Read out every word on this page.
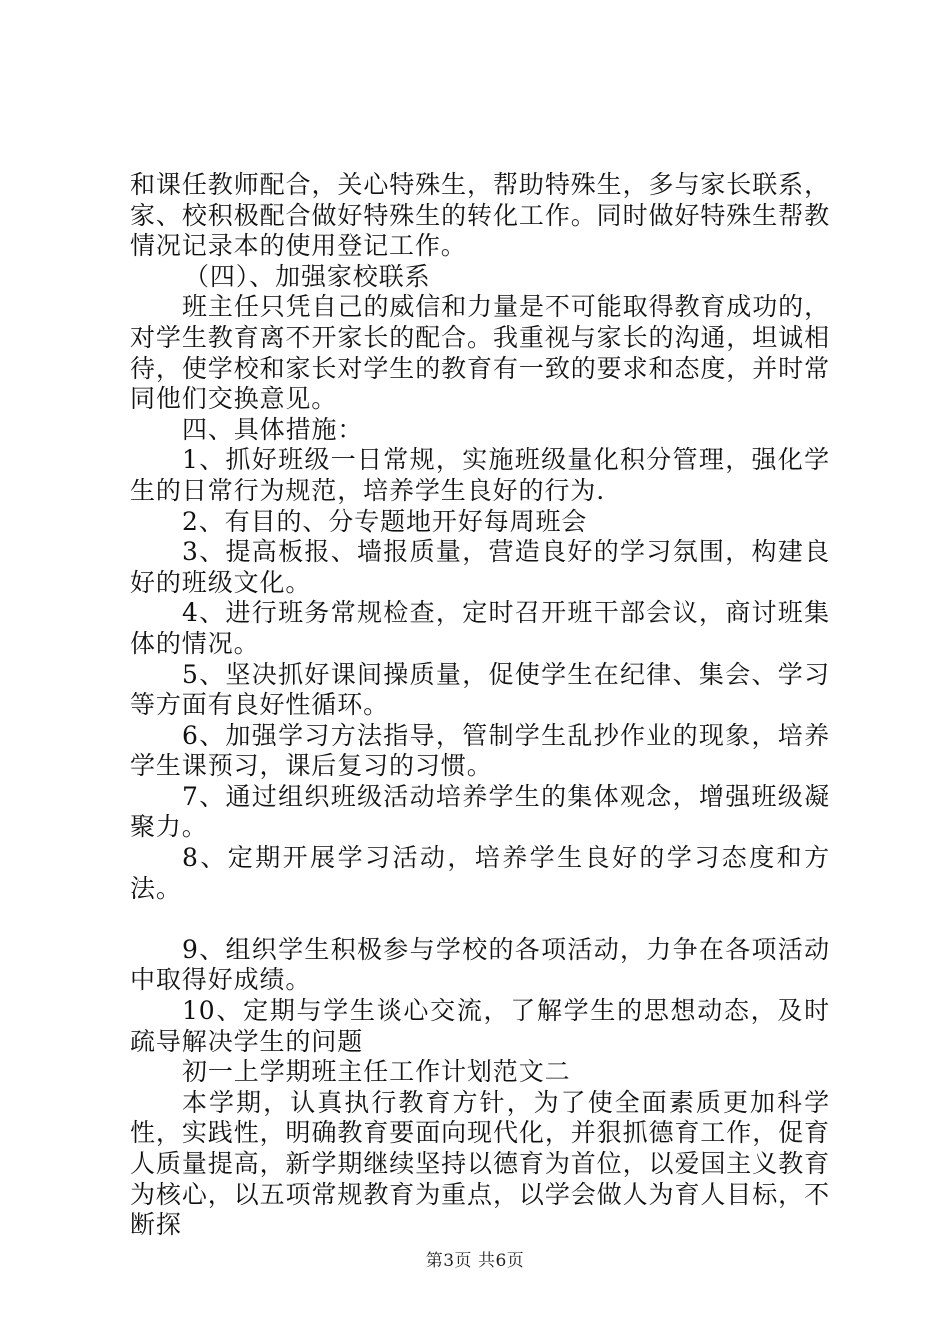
和课任教师配合，关心特殊生，帮助特殊生，多与家长联系，家、校积极配合做好特殊生的转化工作。同时做好特殊生帮教情况记录本的使用登记工作。

（四）、加强家校联系

班主任只凭自己的威信和力量是不可能取得教育成功的，对学生教育离不开家长的配合。我重视与家长的沟通，坦诚相待，使学校和家长对学生的教育有一致的要求和态度，并时常同他们交换意见。

四、具体措施：

1、抓好班级一日常规，实施班级量化积分管理，强化学生的日常行为规范，培养学生良好的行为.

2、有目的、分专题地开好每周班会

3、提高板报、墙报质量，营造良好的学习氛围，构建良好的班级文化。

4、进行班务常规检查，定时召开班干部会议，商讨班集体的情况。

5、坚决抓好课间操质量，促使学生在纪律、集会、学习等方面有良好性循环。

6、加强学习方法指导，管制学生乱抄作业的现象，培养学生课预习，课后复习的习惯。

7、通过组织班级活动培养学生的集体观念，增强班级凝聚力。

8、定期开展学习活动，培养学生良好的学习态度和方法。

9、组织学生积极参与学校的各项活动，力争在各项活动中取得好成绩。

10、定期与学生谈心交流，了解学生的思想动态，及时疏导解决学生的问题

初一上学期班主任工作计划范文二

本学期，认真执行教育方针，为了使全面素质更加科学性，实践性，明确教育要面向现代化，并狠抓德育工作，促育人质量提高，新学期继续坚持以德育为首位，以爱国主义教育为核心，以五项常规教育为重点，以学会做人为育人目标，不断探

第3页 共6页
